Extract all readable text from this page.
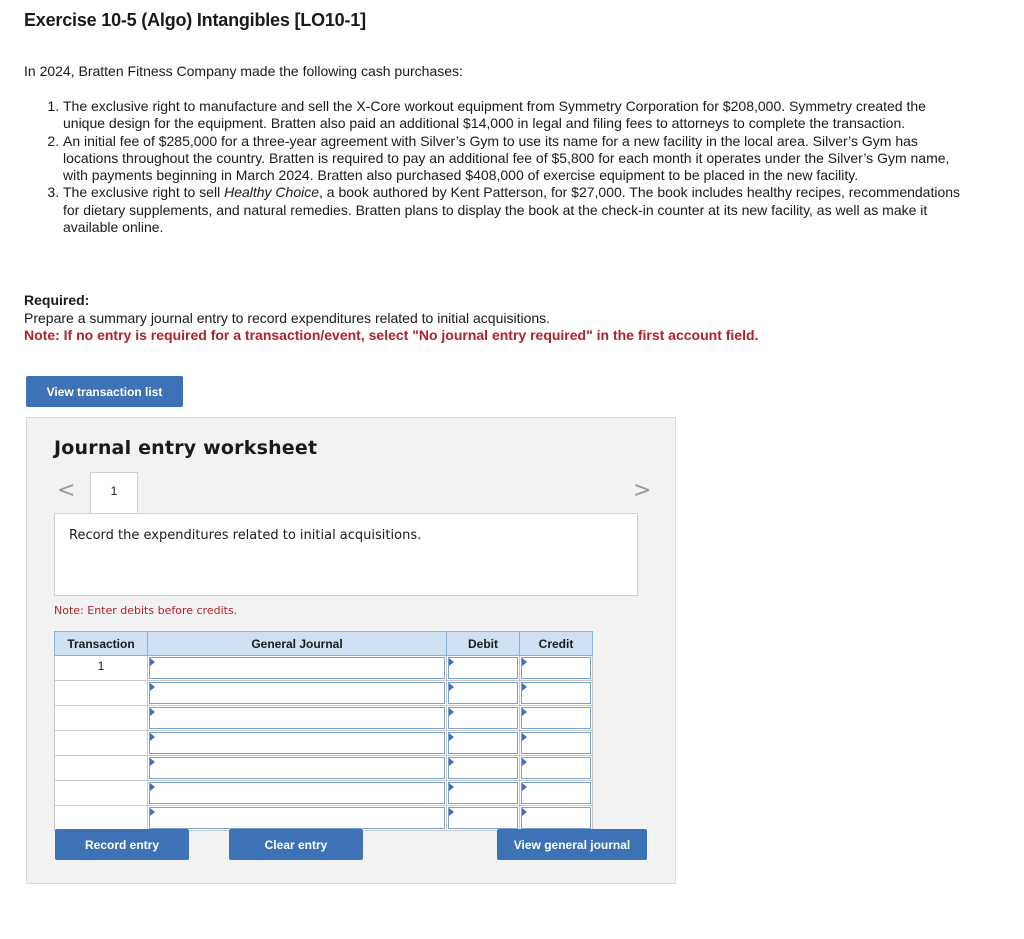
Exercise 10-5 (Algo) Intangibles [LO10-1]
In 2024, Bratten Fitness Company made the following cash purchases:
1. The exclusive right to manufacture and sell the X-Core workout equipment from Symmetry Corporation for $208,000. Symmetry created the unique design for the equipment. Bratten also paid an additional $14,000 in legal and filing fees to attorneys to complete the transaction.
2. An initial fee of $285,000 for a three-year agreement with Silver’s Gym to use its name for a new facility in the local area. Silver’s Gym has locations throughout the country. Bratten is required to pay an additional fee of $5,800 for each month it operates under the Silver’s Gym name, with payments beginning in March 2024. Bratten also purchased $408,000 of exercise equipment to be placed in the new facility.
3. The exclusive right to sell Healthy Choice, a book authored by Kent Patterson, for $27,000. The book includes healthy recipes, recommendations for dietary supplements, and natural remedies. Bratten plans to display the book at the check-in counter at its new facility, as well as make it available online.
Required:
Prepare a summary journal entry to record expenditures related to initial acquisitions.
Note: If no entry is required for a transaction/event, select "No journal entry required" in the first account field.
View transaction list
Journal entry worksheet
<	>
1
Record the expenditures related to initial acquisitions.
Note: Enter debits before credits.
Transaction	General Journal	Debit	Credit
1	

Record entry	Clear entry	View general journal
